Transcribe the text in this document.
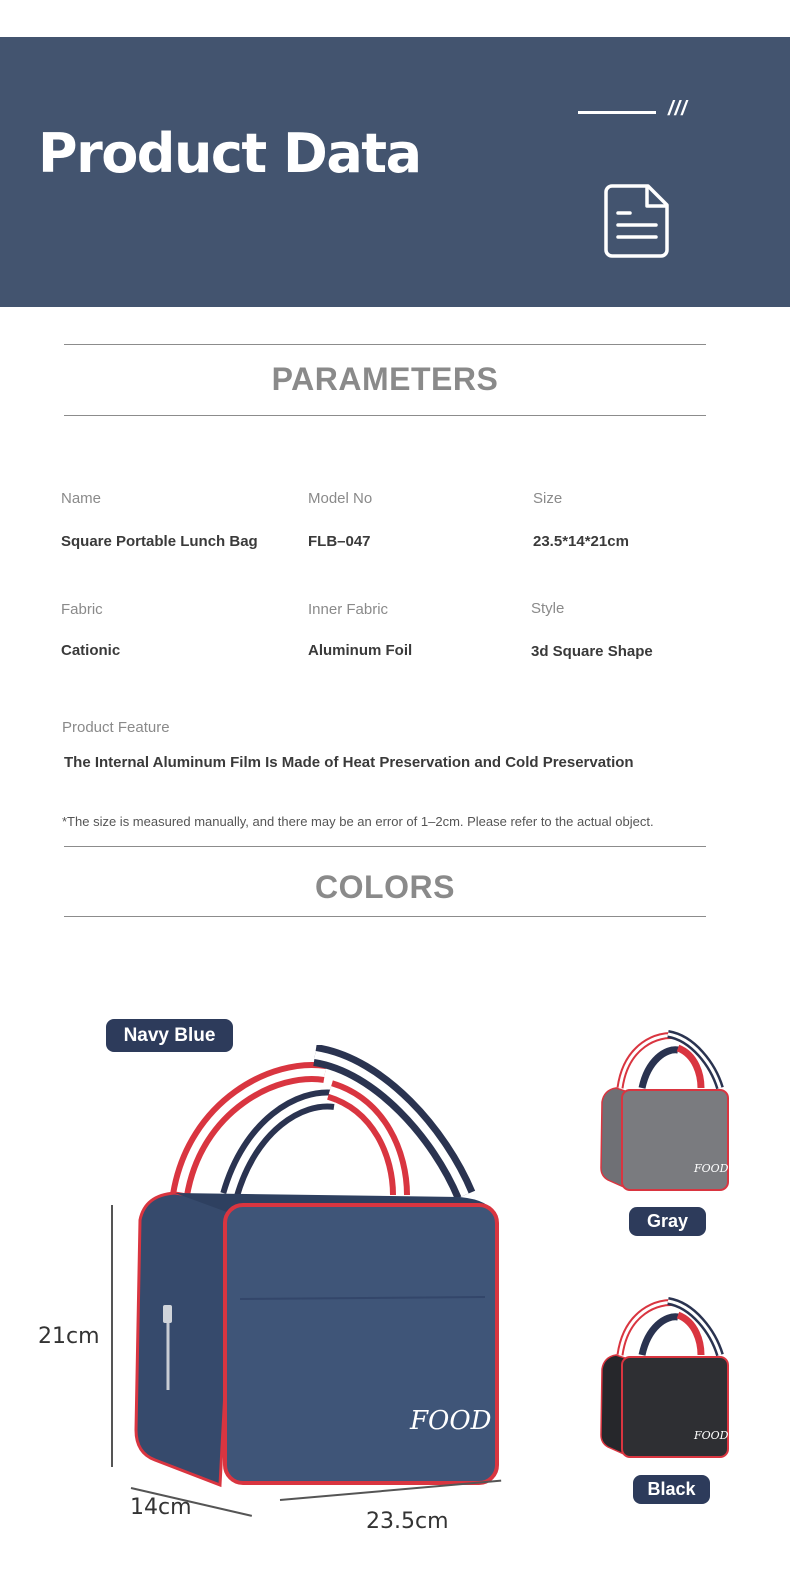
Product Data
///
PARAMETERS
Name
Square Portable Lunch Bag
Model No
FLB–047
Size
23.5*14*21cm
Fabric
Cationic
Inner Fabric
Aluminum Foil
Style
3d Square Shape
Product Feature
The Internal Aluminum Film Is Made of Heat Preservation and Cold Preservation
*The size is measured manually, and there may be an error of 1–2cm. Please refer to the actual object.
COLORS
Navy Blue
FOOD
21cm
14cm
23.5cm
FOOD
Gray
FOOD
Black
